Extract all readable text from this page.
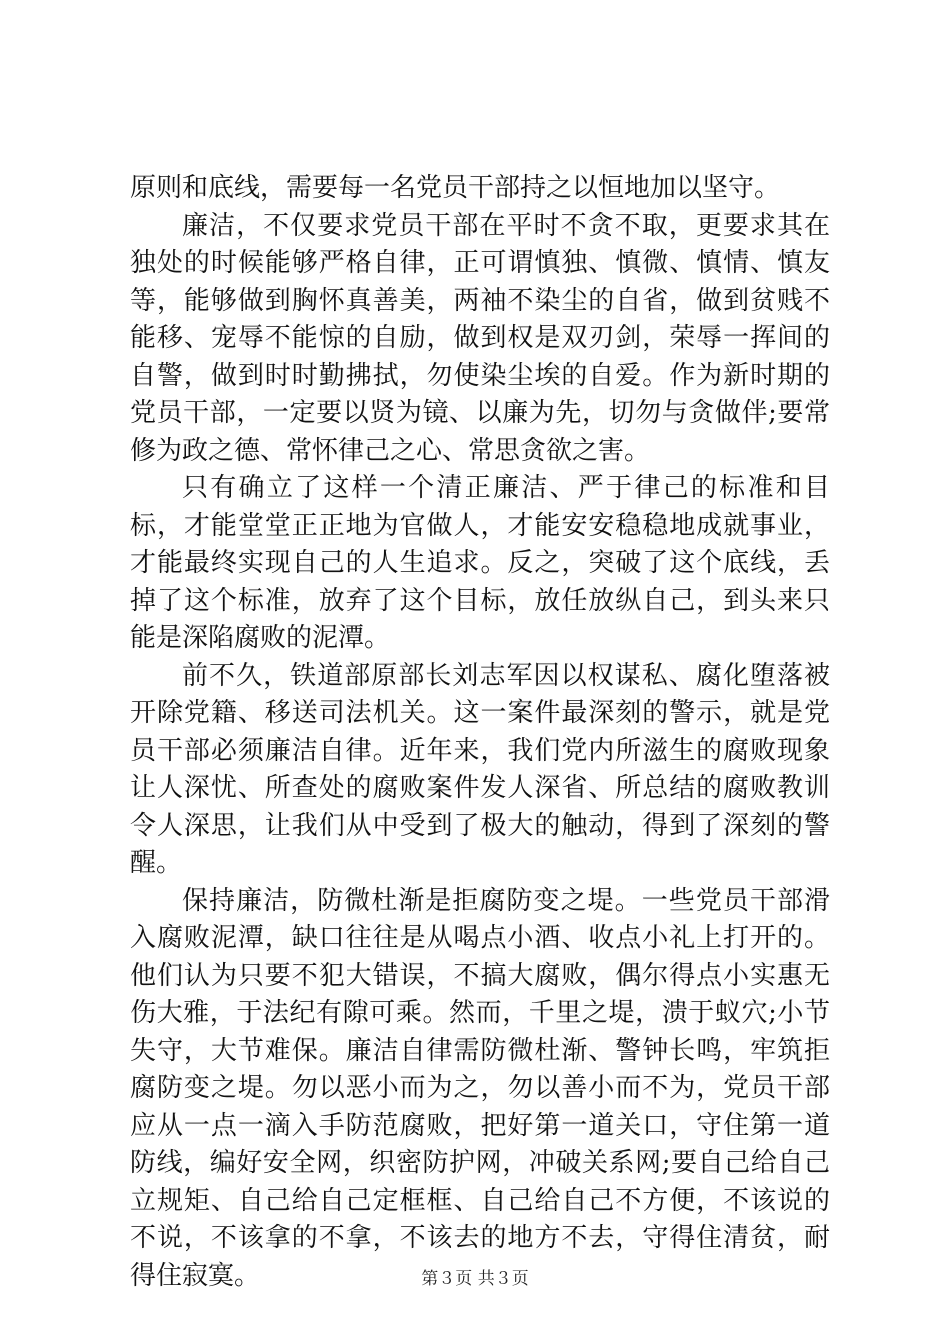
原则和底线，需要每一名党员干部持之以恒地加以坚守。

廉洁，不仅要求党员干部在平时不贪不取，更要求其在独处的时候能够严格自律，正可谓慎独、慎微、慎情、慎友等，能够做到胸怀真善美，两袖不染尘的自省，做到贫贱不能移、宠辱不能惊的自励，做到权是双刃剑，荣辱一挥间的自警，做到时时勤拂拭，勿使染尘埃的自爱。作为新时期的党员干部，一定要以贤为镜、以廉为先，切勿与贪做伴;要常修为政之德、常怀律己之心、常思贪欲之害。

只有确立了这样一个清正廉洁、严于律己的标准和目标，才能堂堂正正地为官做人，才能安安稳稳地成就事业，才能最终实现自己的人生追求。反之，突破了这个底线，丢掉了这个标准，放弃了这个目标，放任放纵自己，到头来只能是深陷腐败的泥潭。

前不久，铁道部原部长刘志军因以权谋私、腐化堕落被开除党籍、移送司法机关。这一案件最深刻的警示，就是党员干部必须廉洁自律。近年来，我们党内所滋生的腐败现象让人深忧、所查处的腐败案件发人深省、所总结的腐败教训令人深思，让我们从中受到了极大的触动，得到了深刻的警醒。

保持廉洁，防微杜渐是拒腐防变之堤。一些党员干部滑入腐败泥潭，缺口往往是从喝点小酒、收点小礼上打开的。他们认为只要不犯大错误，不搞大腐败，偶尔得点小实惠无伤大雅，于法纪有隙可乘。然而，千里之堤，溃于蚁穴;小节失守，大节难保。廉洁自律需防微杜渐、警钟长鸣，牢筑拒腐防变之堤。勿以恶小而为之，勿以善小而不为，党员干部应从一点一滴入手防范腐败，把好第一道关口，守住第一道防线，编好安全网，织密防护网，冲破关系网;要自己给自己立规矩、自己给自己定框框、自己给自己不方便，不该说的不说，不该拿的不拿，不该去的地方不去，守得住清贫，耐得住寂寞。	第３页 共３页
